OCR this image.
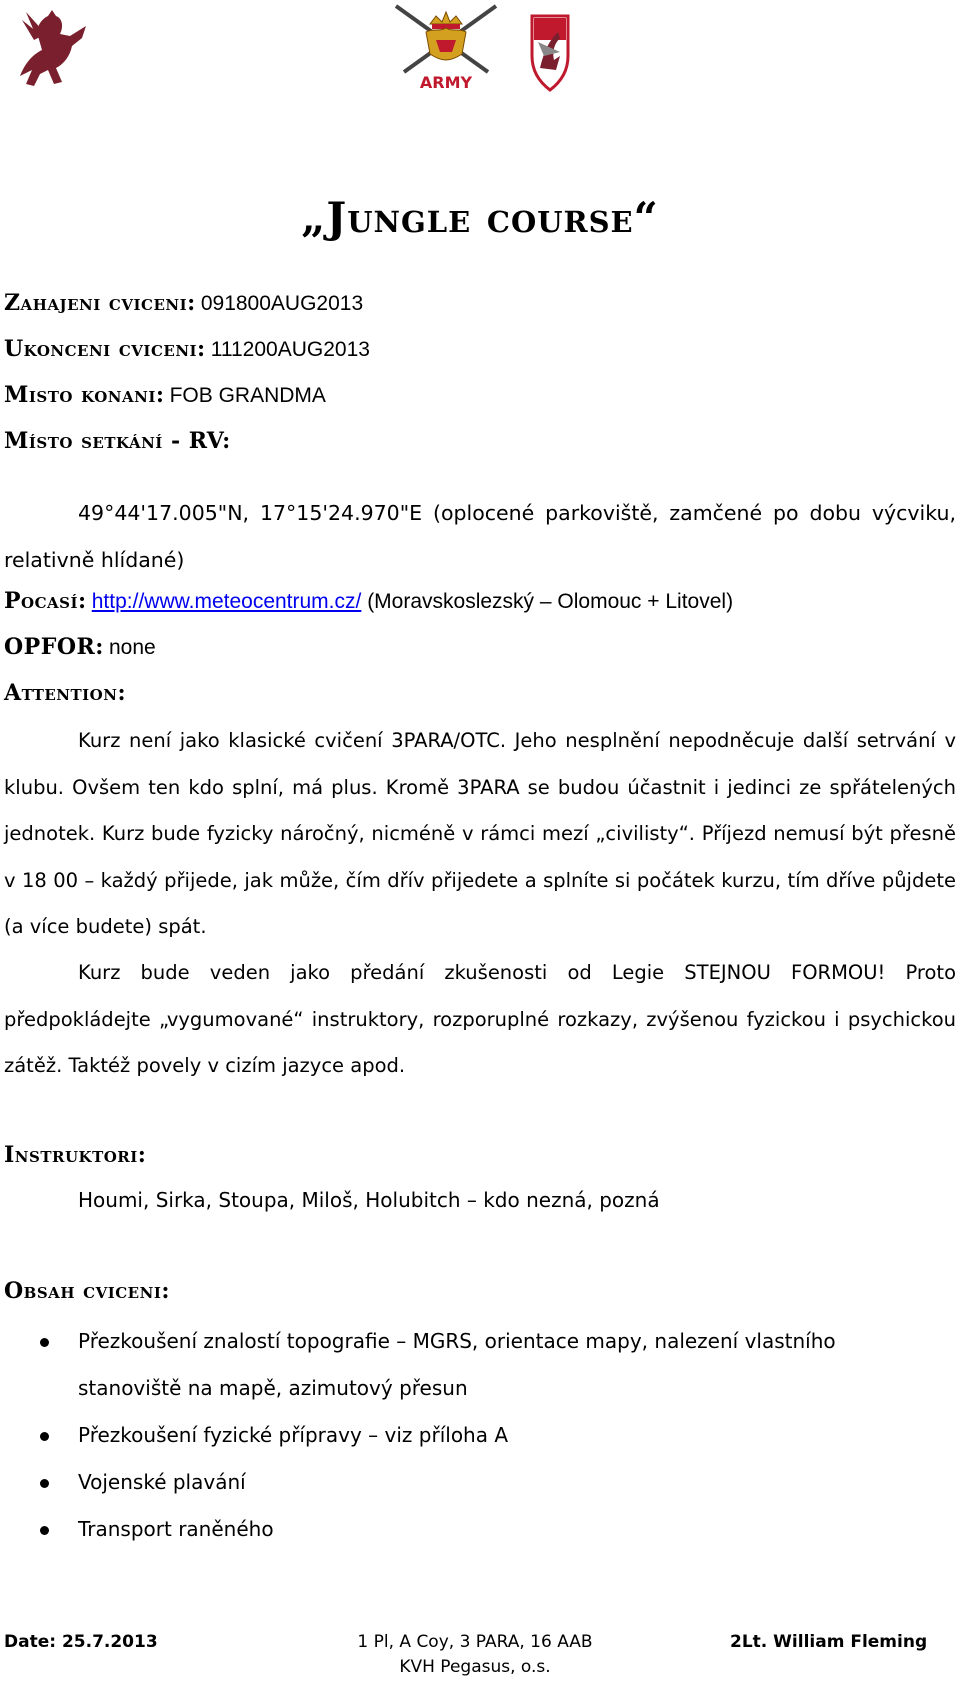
ARMY
„Jungle course“
Zahajeni cviceni: 091800AUG2013
Ukonceni cviceni: 111200AUG2013
Misto konani: FOB GRANDMA
Místo setkání - RV:

49°44'17.005"N, 17°15'24.970"E (oplocené parkoviště, zamčené po dobu výcviku, relativně hlídané)

Pocasí: http://www.meteocentrum.cz/ (Moravskoslezský – Olomouc + Litovel)
OPFOR: none
Attention:

Kurz není jako klasické cvičení 3PARA/OTC. Jeho nesplnění nepodněcuje další setrvání v klubu. Ovšem ten kdo splní, má plus. Kromě 3PARA se budou účastnit i jedinci ze spřátelených jednotek. Kurz bude fyzicky náročný, nicméně v rámci mezí „civilisty“. Příjezd nemusí být přesně v 18 00 – každý přijede, jak může, čím dřív přijedete a splníte si počátek kurzu, tím dříve půjdete (a více budete) spát.

Kurz bude veden jako předání zkušenosti od Legie STEJNOU FORMOU! Proto předpokládejte „vygumované“ instruktory, rozporuplné rozkazy, zvýšenou fyzickou i psychickou zátěž. Taktéž povely v cizím jazyce apod.

Instruktori:
Houmi, Sirka, Stoupa, Miloš, Holubitch – kdo nezná, pozná
Obsah cviceni:
Přezkoušení znalostí topografie – MGRS, orientace mapy, nalezení vlastního stanoviště na mapě, azimutový přesun
Přezkoušení fyzické přípravy – viz příloha A
Vojenské plavání
Transport raněného
Date: 25.7.2013	1 Pl, A Coy, 3 PARA, 16 AAB
KVH Pegasus, o.s.
2Lt. William Fleming
